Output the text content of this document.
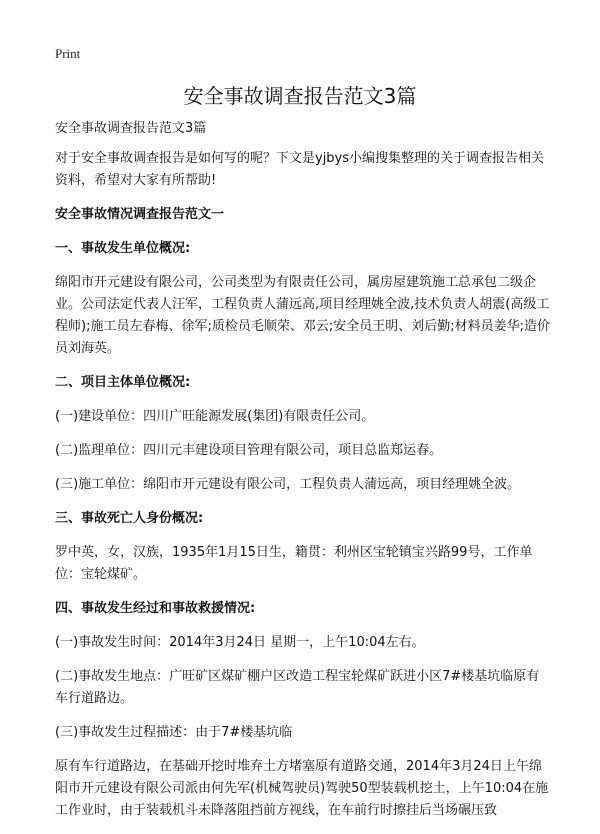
Print
安全事故调查报告范文3篇

安全事故调查报告范文3篇

对于安全事故调查报告是如何写的呢？下文是yjbys小编搜集整理的关于调查报告相关资料，希望对大家有所帮助!

安全事故情况调查报告范文一
一、事故发生单位概况:

绵阳市开元建设有限公司，公司类型为有限责任公司，属房屋建筑施工总承包二级企业。公司法定代表人汪军，工程负责人蒲远高,项目经理姚全波,技术负责人胡震(高级工程师);施工员左春梅、徐军;质检员毛顺荣、邓云;安全员王明、刘后勤;材料员姜华;造价员刘海英。

二、项目主体单位概况:

(一)建设单位：四川广旺能源发展(集团)有限责任公司。

(二)监理单位：四川元丰建设项目管理有限公司，项目总监郑运春。

(三)施工单位：绵阳市开元建设有限公司，工程负责人蒲远高，项目经理姚全波。

三、事故死亡人身份概况:

罗中英，女，汉族，1935年1月15日生，籍贯：利州区宝轮镇宝兴路99号，工作单位：宝轮煤矿。

四、事故发生经过和事故救援情况:

(一)事故发生时间：2014年3月24日 星期一，上午10:04左右。

(二)事故发生地点：广旺矿区煤矿棚户区改造工程宝轮煤矿跃进小区7#楼基坑临原有车行道路边。

(三)事故发生过程描述：由于7#楼基坑临

原有车行道路边，在基础开挖时堆弃土方堵塞原有道路交通，2014年3月24日上午绵阳市开元建设有限公司派由何先军(机械驾驶员)驾驶50型装载机挖土，上午10:04在施工作业时，由于装载机斗未降落阻挡前方视线，在车前行时擦挂后当场碾压致
